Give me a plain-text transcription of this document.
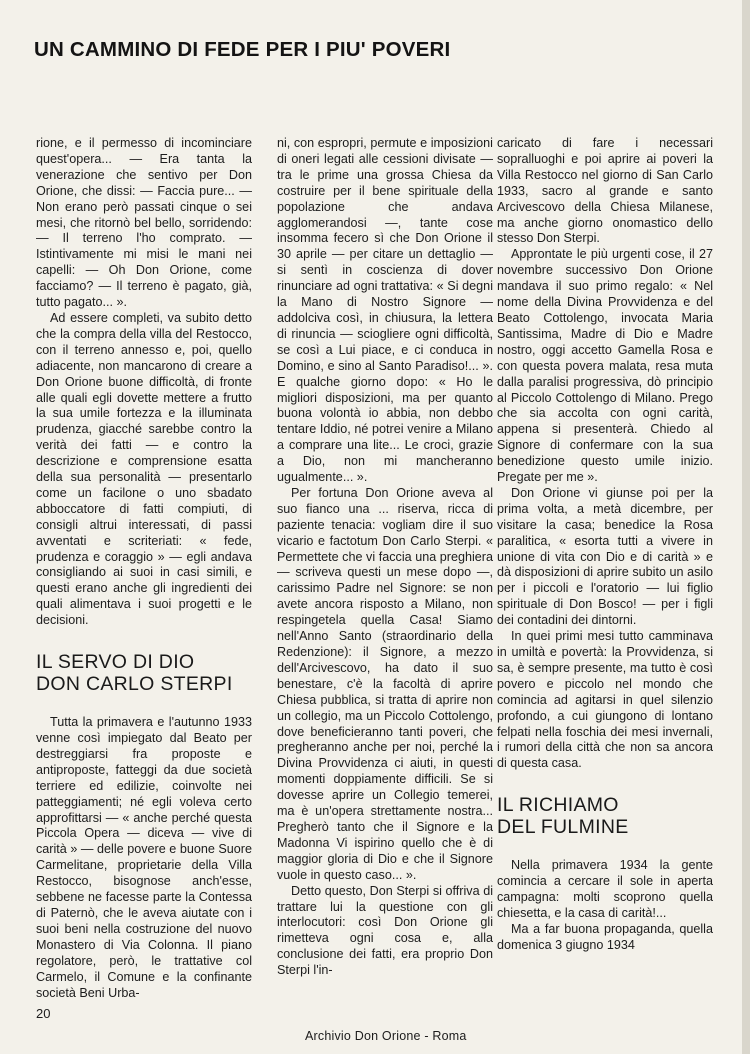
UN CAMMINO DI FEDE PER I PIU' POVERI

rione, e il permesso di incominciare quest'opera... — Era tanta la venerazione che sentivo per Don Orione, che dissi: — Faccia pure... — Non erano però passati cinque o sei mesi, che ritornò bel bello, sorridendo: — Il terreno l'ho comprato. — Istintivamente mi misi le mani nei capelli: — Oh Don Orione, come facciamo? — Il terreno è pagato, già, tutto pagato... ».

Ad essere completi, va subito detto che la compra della villa del Restocco, con il terreno annesso e, poi, quello adiacente, non mancarono di creare a Don Orione buone difficoltà, di fronte alle quali egli dovette mettere a frutto la sua umile fortezza e la illuminata prudenza, giacché sarebbe contro la verità dei fatti — e contro la descrizione e comprensione esatta della sua personalità — presentarlo come un facilone o uno sbadato abboccatore di fatti compiuti, di consigli altrui interessati, di passi avventati e scriteriati: « fede, prudenza e coraggio » — egli andava consigliando ai suoi in casi simili, e questi erano anche gli ingredienti dei quali alimentava i suoi progetti e le decisioni.

IL SERVO DI DIO
DON CARLO STERPI

Tutta la primavera e l'autunno 1933 venne così impiegato dal Beato per destreggiarsi fra proposte e antiproposte, fatteggi da due società terriere ed edilizie, coinvolte nei patteggiamenti; né egli voleva certo approfittarsi — « anche perché questa Piccola Opera — diceva — vive di carità » — delle povere e buone Suore Carmelitane, proprietarie della Villa Restocco, bisognose anch'esse, sebbene ne facesse parte la Contessa di Paternò, che le aveva aiutate con i suoi beni nella costruzione del nuovo Monastero di Via Colonna. Il piano regolatore, però, le trattative col Carmelo, il Comune e la confinante società Beni Urba-

ni, con espropri, permute e imposizioni di oneri legati alle cessioni divisate — tra le prime una grossa Chiesa da costruire per il bene spirituale della popolazione che andava agglomerandosi —, tante cose insomma fecero sì che Don Orione il 30 aprile — per citare un dettaglio — si sentì in coscienza di dover rinunciare ad ogni trattativa: « Si degni la Mano di Nostro Signore — addolciva così, in chiusura, la lettera di rinuncia — sciogliere ogni difficoltà, se così a Lui piace, e ci conduca in Domino, e sino al Santo Paradiso!... ». E qualche giorno dopo: « Ho le migliori disposizioni, ma per quanto buona volontà io abbia, non debbo tentare Iddio, né potrei venire a Milano a comprare una lite... Le croci, grazie a Dio, non mi mancheranno ugualmente... ».

Per fortuna Don Orione aveva al suo fianco una ... riserva, ricca di paziente tenacia: vogliam dire il suo vicario e factotum Don Carlo Sterpi. « Permettete che vi faccia una preghiera — scriveva questi un mese dopo —, carissimo Padre nel Signore: se non avete ancora risposto a Milano, non respingetela quella Casa! Siamo nell'Anno Santo (straordinario della Redenzione): il Signore, a mezzo dell'Arcivescovo, ha dato il suo benestare, c'è la facoltà di aprire Chiesa pubblica, si tratta di aprire non un collegio, ma un Piccolo Cottolengo, dove beneficieranno tanti poveri, che pregheranno anche per noi, perché la Divina Provvidenza ci aiuti, in questi momenti doppiamente difficili. Se si dovesse aprire un Collegio temerei, ma è un'opera strettamente nostra... Pregherò tanto che il Signore e la Madonna Vi ispirino quello che è di maggior gloria di Dio e che il Signore vuole in questo caso... ».

Detto questo, Don Sterpi si offriva di trattare lui la questione con gli interlocutori: così Don Orione gli rimetteva ogni cosa e, alla conclusione dei fatti, era proprio Don Sterpi l'in-

caricato di fare i necessari sopralluoghi e poi aprire ai poveri la Villa Restocco nel giorno di San Carlo 1933, sacro al grande e santo Arcivescovo della Chiesa Milanese, ma anche giorno onomastico dello stesso Don Sterpi.

Approntate le più urgenti cose, il 27 novembre successivo Don Orione mandava il suo primo regalo: « Nel nome della Divina Provvidenza e del Beato Cottolengo, invocata Maria Santissima, Madre di Dio e Madre nostro, oggi accetto Gamella Rosa e con questa povera malata, resa muta dalla paralisi progressiva, dò principio al Piccolo Cottolengo di Milano. Prego che sia accolta con ogni carità, appena si presenterà. Chiedo al Signore di confermare con la sua benedizione questo umile inizio. Pregate per me ».

Don Orione vi giunse poi per la prima volta, a metà dicembre, per visitare la casa; benedice la Rosa paralitica, « esorta tutti a vivere in unione di vita con Dio e di carità » e dà disposizioni di aprire subito un asilo per i piccoli e l'oratorio — lui figlio spirituale di Don Bosco! — per i figli dei contadini dei dintorni.

In quei primi mesi tutto camminava in umiltà e povertà: la Provvidenza, si sa, è sempre presente, ma tutto è così povero e piccolo nel mondo che comincia ad agitarsi in quel silenzio profondo, a cui giungono di lontano felpati nella foschia dei mesi invernali, i rumori della città che non sa ancora di questa casa.

IL RICHIAMO
DEL FULMINE

Nella primavera 1934 la gente comincia a cercare il sole in aperta campagna: molti scoprono quella chiesetta, e la casa di carità!...

Ma a far buona propaganda, quella domenica 3 giugno 1934

20
Archivio Don Orione - Roma
